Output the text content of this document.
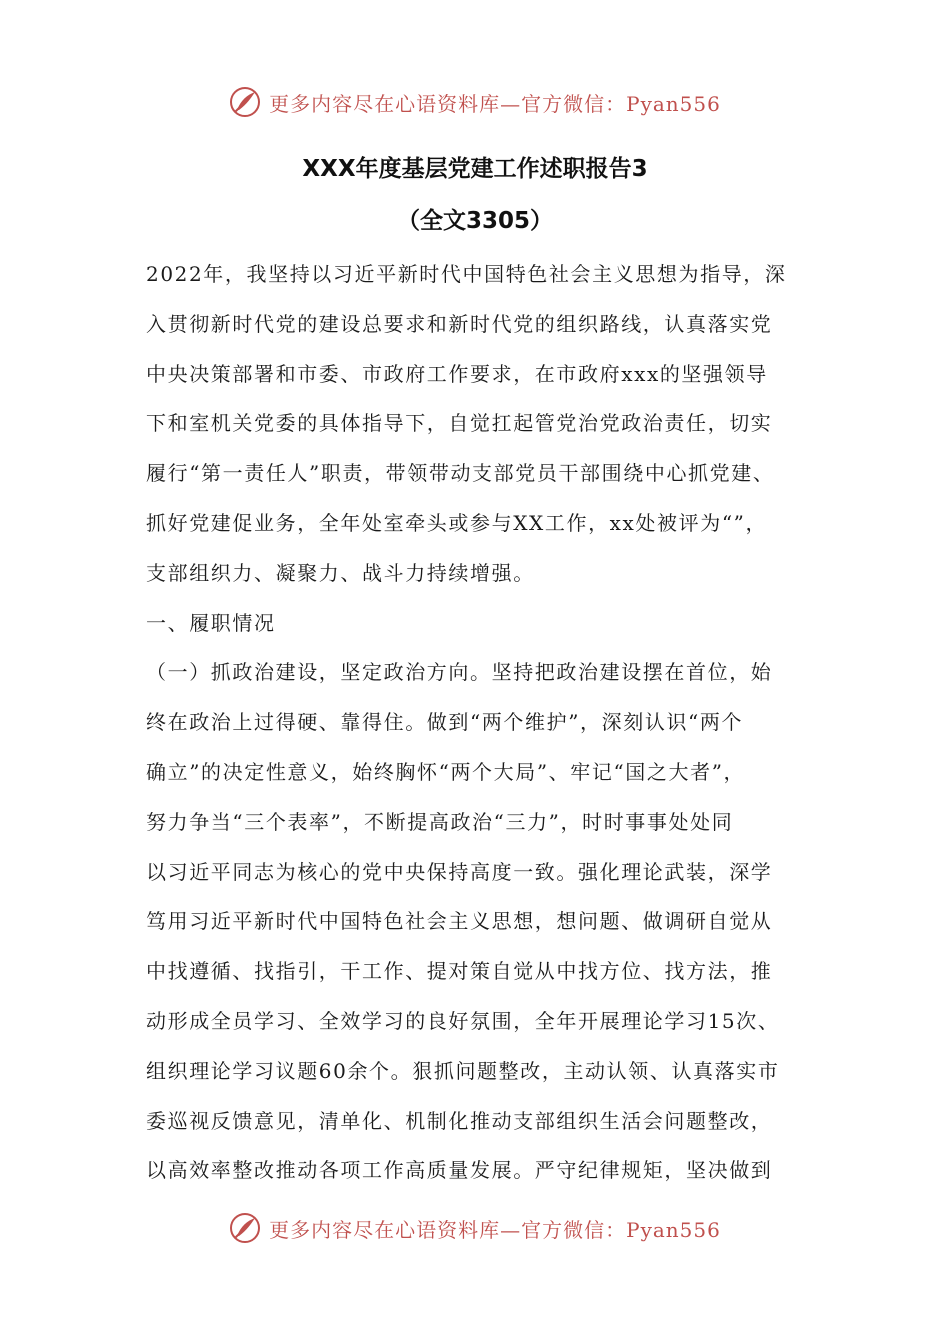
更多内容尽在心语资料库—官方微信：Pyan556
XXX年度基层党建工作述职报告3
（全文3305）
2022年，我坚持以习近平新时代中国特色社会主义思想为指导，深
入贯彻新时代党的建设总要求和新时代党的组织路线，认真落实党
中央决策部署和市委、市政府工作要求，在市政府xxx的坚强领导
下和室机关党委的具体指导下，自觉扛起管党治党政治责任，切实
履行“第一责任人”职责，带领带动支部党员干部围绕中心抓党建、
抓好党建促业务，全年处室牵头或参与XX工作，xx处被评为“”，
支部组织力、凝聚力、战斗力持续增强。
一、履职情况
（一）抓政治建设，坚定政治方向。坚持把政治建设摆在首位，始
终在政治上过得硬、靠得住。做到“两个维护”，深刻认识“两个
确立”的决定性意义，始终胸怀“两个大局”、牢记“国之大者”，
努力争当“三个表率”，不断提高政治“三力”，时时事事处处同
以习近平同志为核心的党中央保持高度一致。强化理论武装，深学
笃用习近平新时代中国特色社会主义思想，想问题、做调研自觉从
中找遵循、找指引，干工作、提对策自觉从中找方位、找方法，推
动形成全员学习、全效学习的良好氛围，全年开展理论学习15次、
组织理论学习议题60余个。狠抓问题整改，主动认领、认真落实市
委巡视反馈意见，清单化、机制化推动支部组织生活会问题整改，
以高效率整改推动各项工作高质量发展。严守纪律规矩，坚决做到
更多内容尽在心语资料库—官方微信：Pyan556
